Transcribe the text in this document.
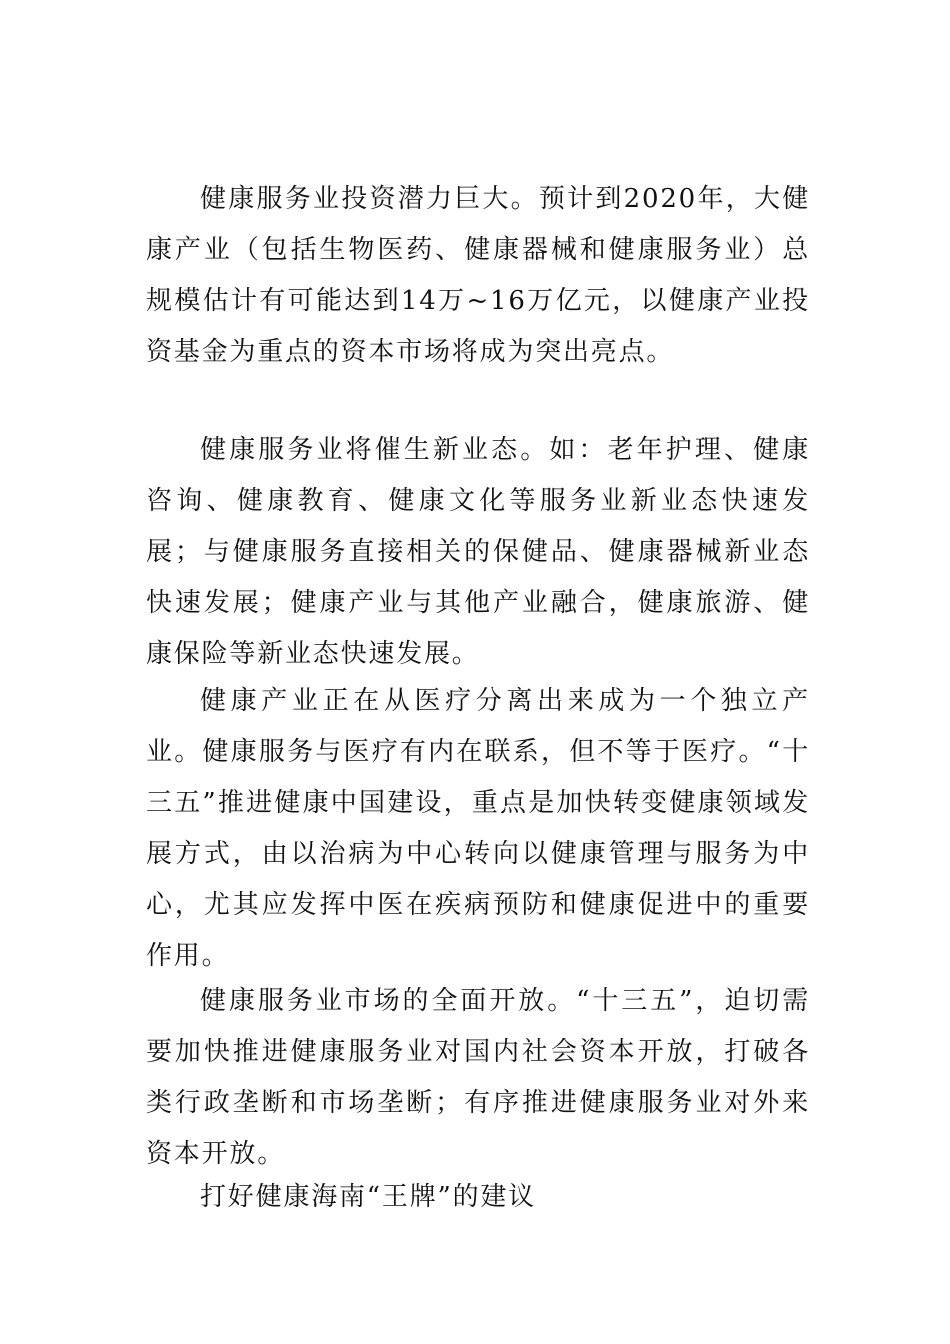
健康服务业投资潜力巨大。预计到2020年，大健康产业（包括生物医药、健康器械和健康服务业）总规模估计有可能达到14万~16万亿元，以健康产业投资基金为重点的资本市场将成为突出亮点。

健康服务业将催生新业态。如：老年护理、健康咨询、健康教育、健康文化等服务业新业态快速发展；与健康服务直接相关的保健品、健康器械新业态快速发展；健康产业与其他产业融合，健康旅游、健康保险等新业态快速发展。

健康产业正在从医疗分离出来成为一个独立产业。健康服务与医疗有内在联系，但不等于医疗。“十三五”推进健康中国建设，重点是加快转变健康领域发展方式，由以治病为中心转向以健康管理与服务为中心，尤其应发挥中医在疾病预防和健康促进中的重要作用。

健康服务业市场的全面开放。“十三五”，迫切需要加快推进健康服务业对国内社会资本开放，打破各类行政垄断和市场垄断；有序推进健康服务业对外来资本开放。

打好健康海南“王牌”的建议
